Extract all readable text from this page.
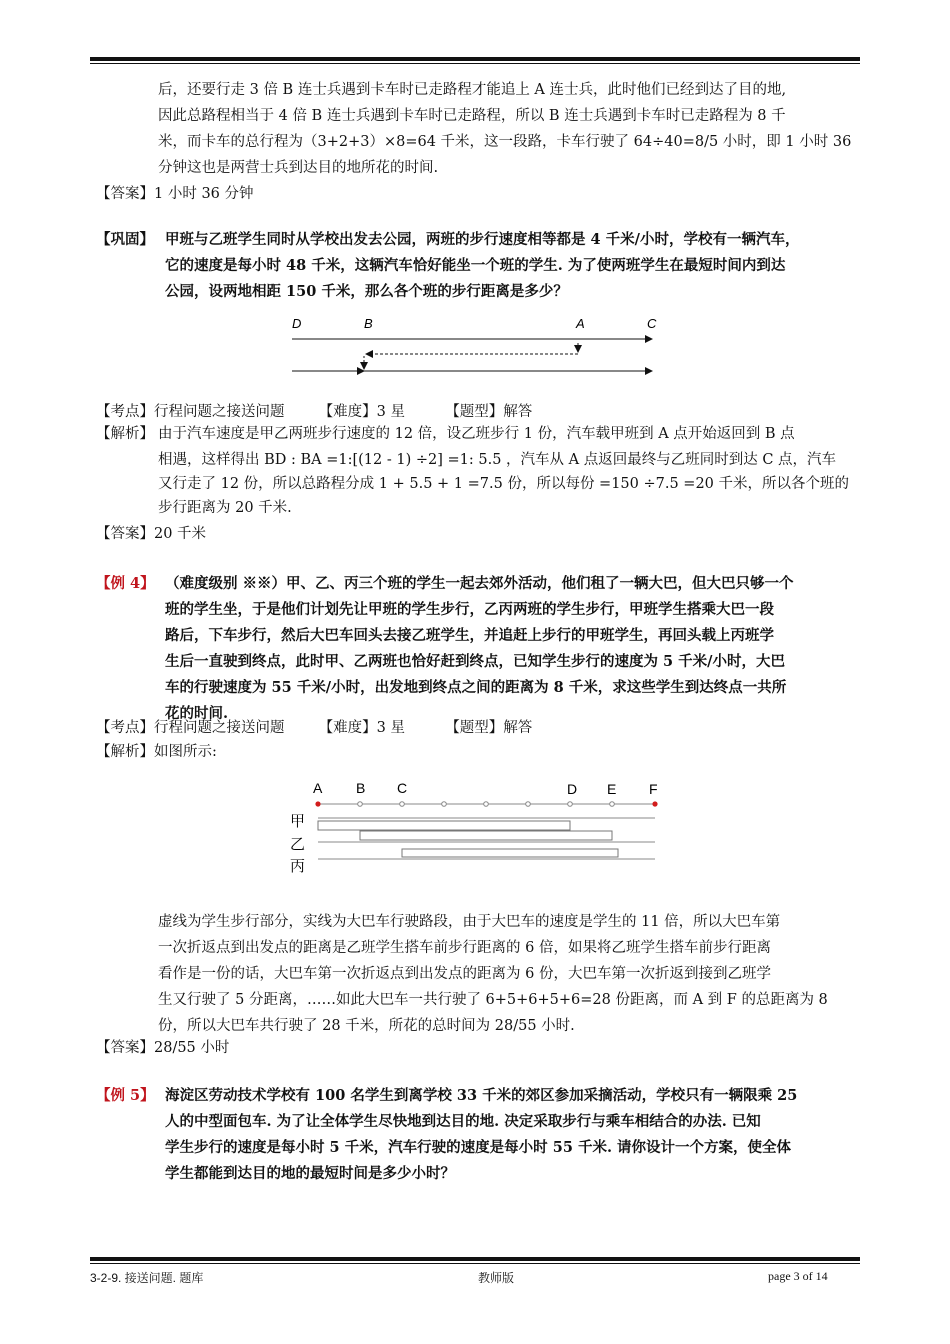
后，还要行走 3 倍 B 连士兵遇到卡车时已走路程才能追上 A 连士兵，此时他们已经到达了目的地,
因此总路程相当于 4 倍 B 连士兵遇到卡车时已走路程，所以 B 连士兵遇到卡车时已走路程为 8 千
米，而卡车的总行程为（3+2+3）×8=64 千米，这一段路，卡车行驶了 64÷40=8/5 小时，即 1 小时 36
分钟这也是两营士兵到达目的地所花的时间.
【答案】1 小时 36 分钟
【巩固】 甲班与乙班学生同时从学校出发去公园，两班的步行速度相等都是 4 千米/小时，学校有一辆汽车，
它的速度是每小时 48 千米，这辆汽车恰好能坐一个班的学生. 为了使两班学生在最短时间内到达
公园，设两地相距 150 千米，那么各个班的步行距离是多少？
D	B	A	C
【考点】行程问题之接送问题 【难度】3 星	【题型】解答
【解析】 由于汽车速度是甲乙两班步行速度的 12 倍，设乙班步行 1 份，汽车载甲班到 A 点开始返回到 B 点
相遇，这样得出 BD : BA =1:[(12 - 1) ÷2] =1: 5.5 ，汽车从 A 点返回最终与乙班同时到达 C 点，汽车
又行走了 12 份，所以总路程分成 1 + 5.5 + 1 =7.5 份，所以每份 =150 ÷7.5 =20 千米，所以各个班的
步行距离为 20 千米.
【答案】20 千米
【例 4】 （难度级别 ※※）甲、乙、丙三个班的学生一起去郊外活动，他们租了一辆大巴，但大巴只够一个
班的学生坐，于是他们计划先让甲班的学生步行，乙丙两班的学生步行，甲班学生搭乘大巴一段
路后，下车步行，然后大巴车回头去接乙班学生，并追赶上步行的甲班学生，再回头载上丙班学
生后一直驶到终点，此时甲、乙两班也恰好赶到终点，已知学生步行的速度为 5 千米/小时，大巴
车的行驶速度为 55 千米/小时，出发地到终点之间的距离为 8 千米，求这些学生到达终点一共所
花的时间.
【考点】行程问题之接送问题 【难度】3 星	【题型】解答
【解析】如图所示:
A B C	D E F
甲
乙
丙
虚线为学生步行部分，实线为大巴车行驶路段，由于大巴车的速度是学生的 11 倍，所以大巴车第
一次折返点到出发点的距离是乙班学生搭车前步行距离的 6 倍，如果将乙班学生搭车前步行距离
看作是一份的话，大巴车第一次折返点到出发点的距离为 6 份，大巴车第一次折返到接到乙班学
生又行驶了 5 分距离，……如此大巴车一共行驶了 6+5+6+5+6=28 份距离，而 A 到 F 的总距离为 8
份，所以大巴车共行驶了 28 千米，所花的总时间为 28/55 小时.
【答案】28/55 小时
【例 5】 海淀区劳动技术学校有 100 名学生到离学校 33 千米的郊区参加采摘活动，学校只有一辆限乘 25
人的中型面包车. 为了让全体学生尽快地到达目的地. 决定采取步行与乘车相结合的办法. 已知
学生步行的速度是每小时 5 千米，汽车行驶的速度是每小时 55 千米. 请你设计一个方案，使全体
学生都能到达目的地的最短时间是多少小时？
3-2-9. 接送问题. 题库	教师版	page 3 of 14
